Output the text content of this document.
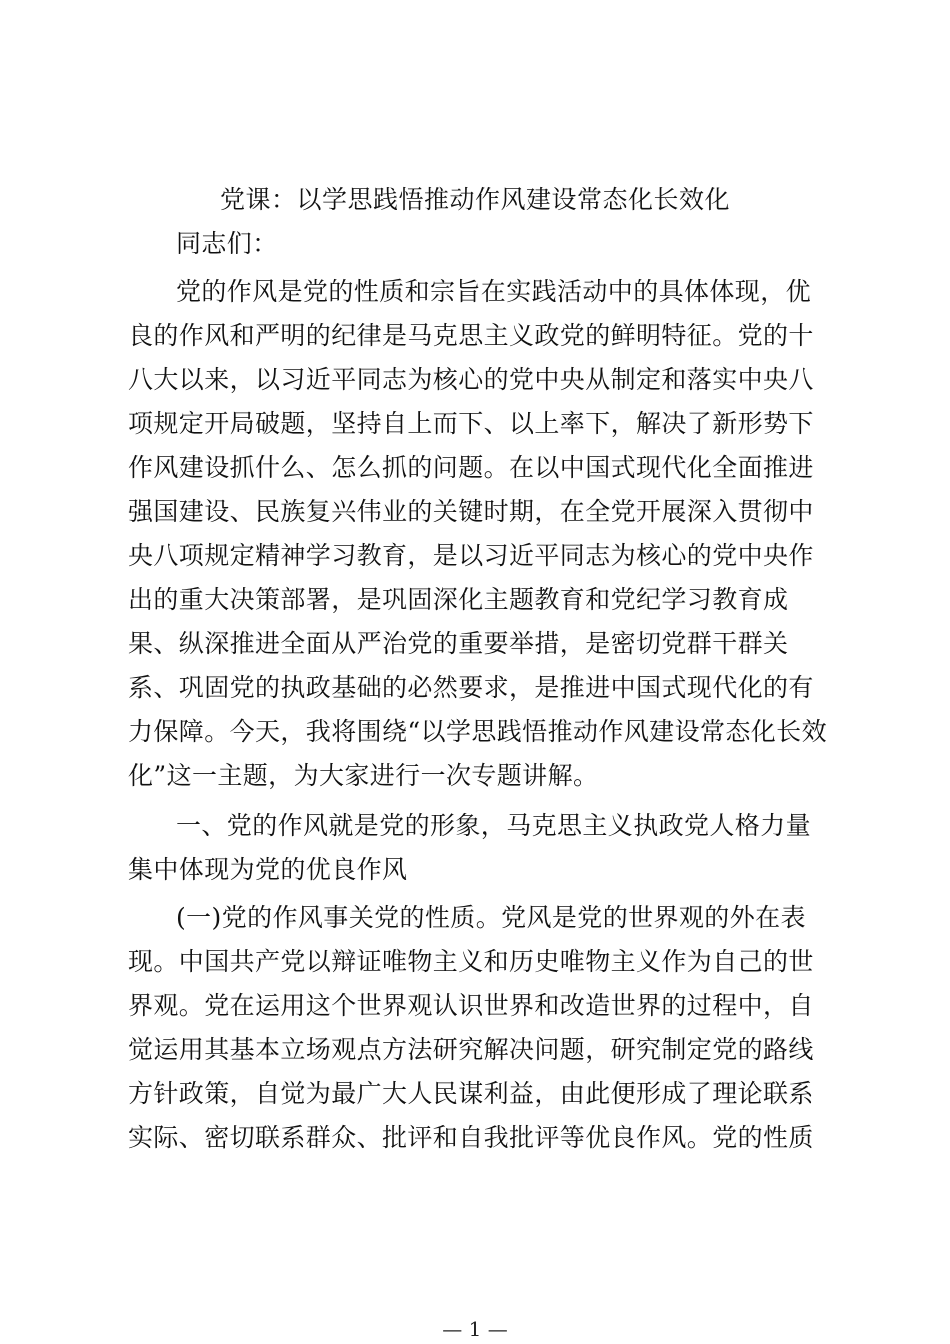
党课：以学思践悟推动作风建设常态化长效化
同志们：
党的作风是党的性质和宗旨在实践活动中的具体体现，优
良的作风和严明的纪律是马克思主义政党的鲜明特征。党的十
八大以来，以习近平同志为核心的党中央从制定和落实中央八
项规定开局破题，坚持自上而下、以上率下，解决了新形势下
作风建设抓什么、怎么抓的问题。在以中国式现代化全面推进
强国建设、民族复兴伟业的关键时期，在全党开展深入贯彻中
央八项规定精神学习教育，是以习近平同志为核心的党中央作
出的重大决策部署，是巩固深化主题教育和党纪学习教育成
果、纵深推进全面从严治党的重要举措，是密切党群干群关
系、巩固党的执政基础的必然要求，是推进中国式现代化的有
力保障。今天，我将围绕“以学思践悟推动作风建设常态化长效
化”这一主题，为大家进行一次专题讲解。
一、党的作风就是党的形象，马克思主义执政党人格力量
集中体现为党的优良作风
(一)党的作风事关党的性质。党风是党的世界观的外在表
现。中国共产党以辩证唯物主义和历史唯物主义作为自己的世
界观。党在运用这个世界观认识世界和改造世界的过程中，自
觉运用其基本立场观点方法研究解决问题，研究制定党的路线
方针政策，自觉为最广大人民谋利益，由此便形成了理论联系
实际、密切联系群众、批评和自我批评等优良作风。党的性质
— 1 —
